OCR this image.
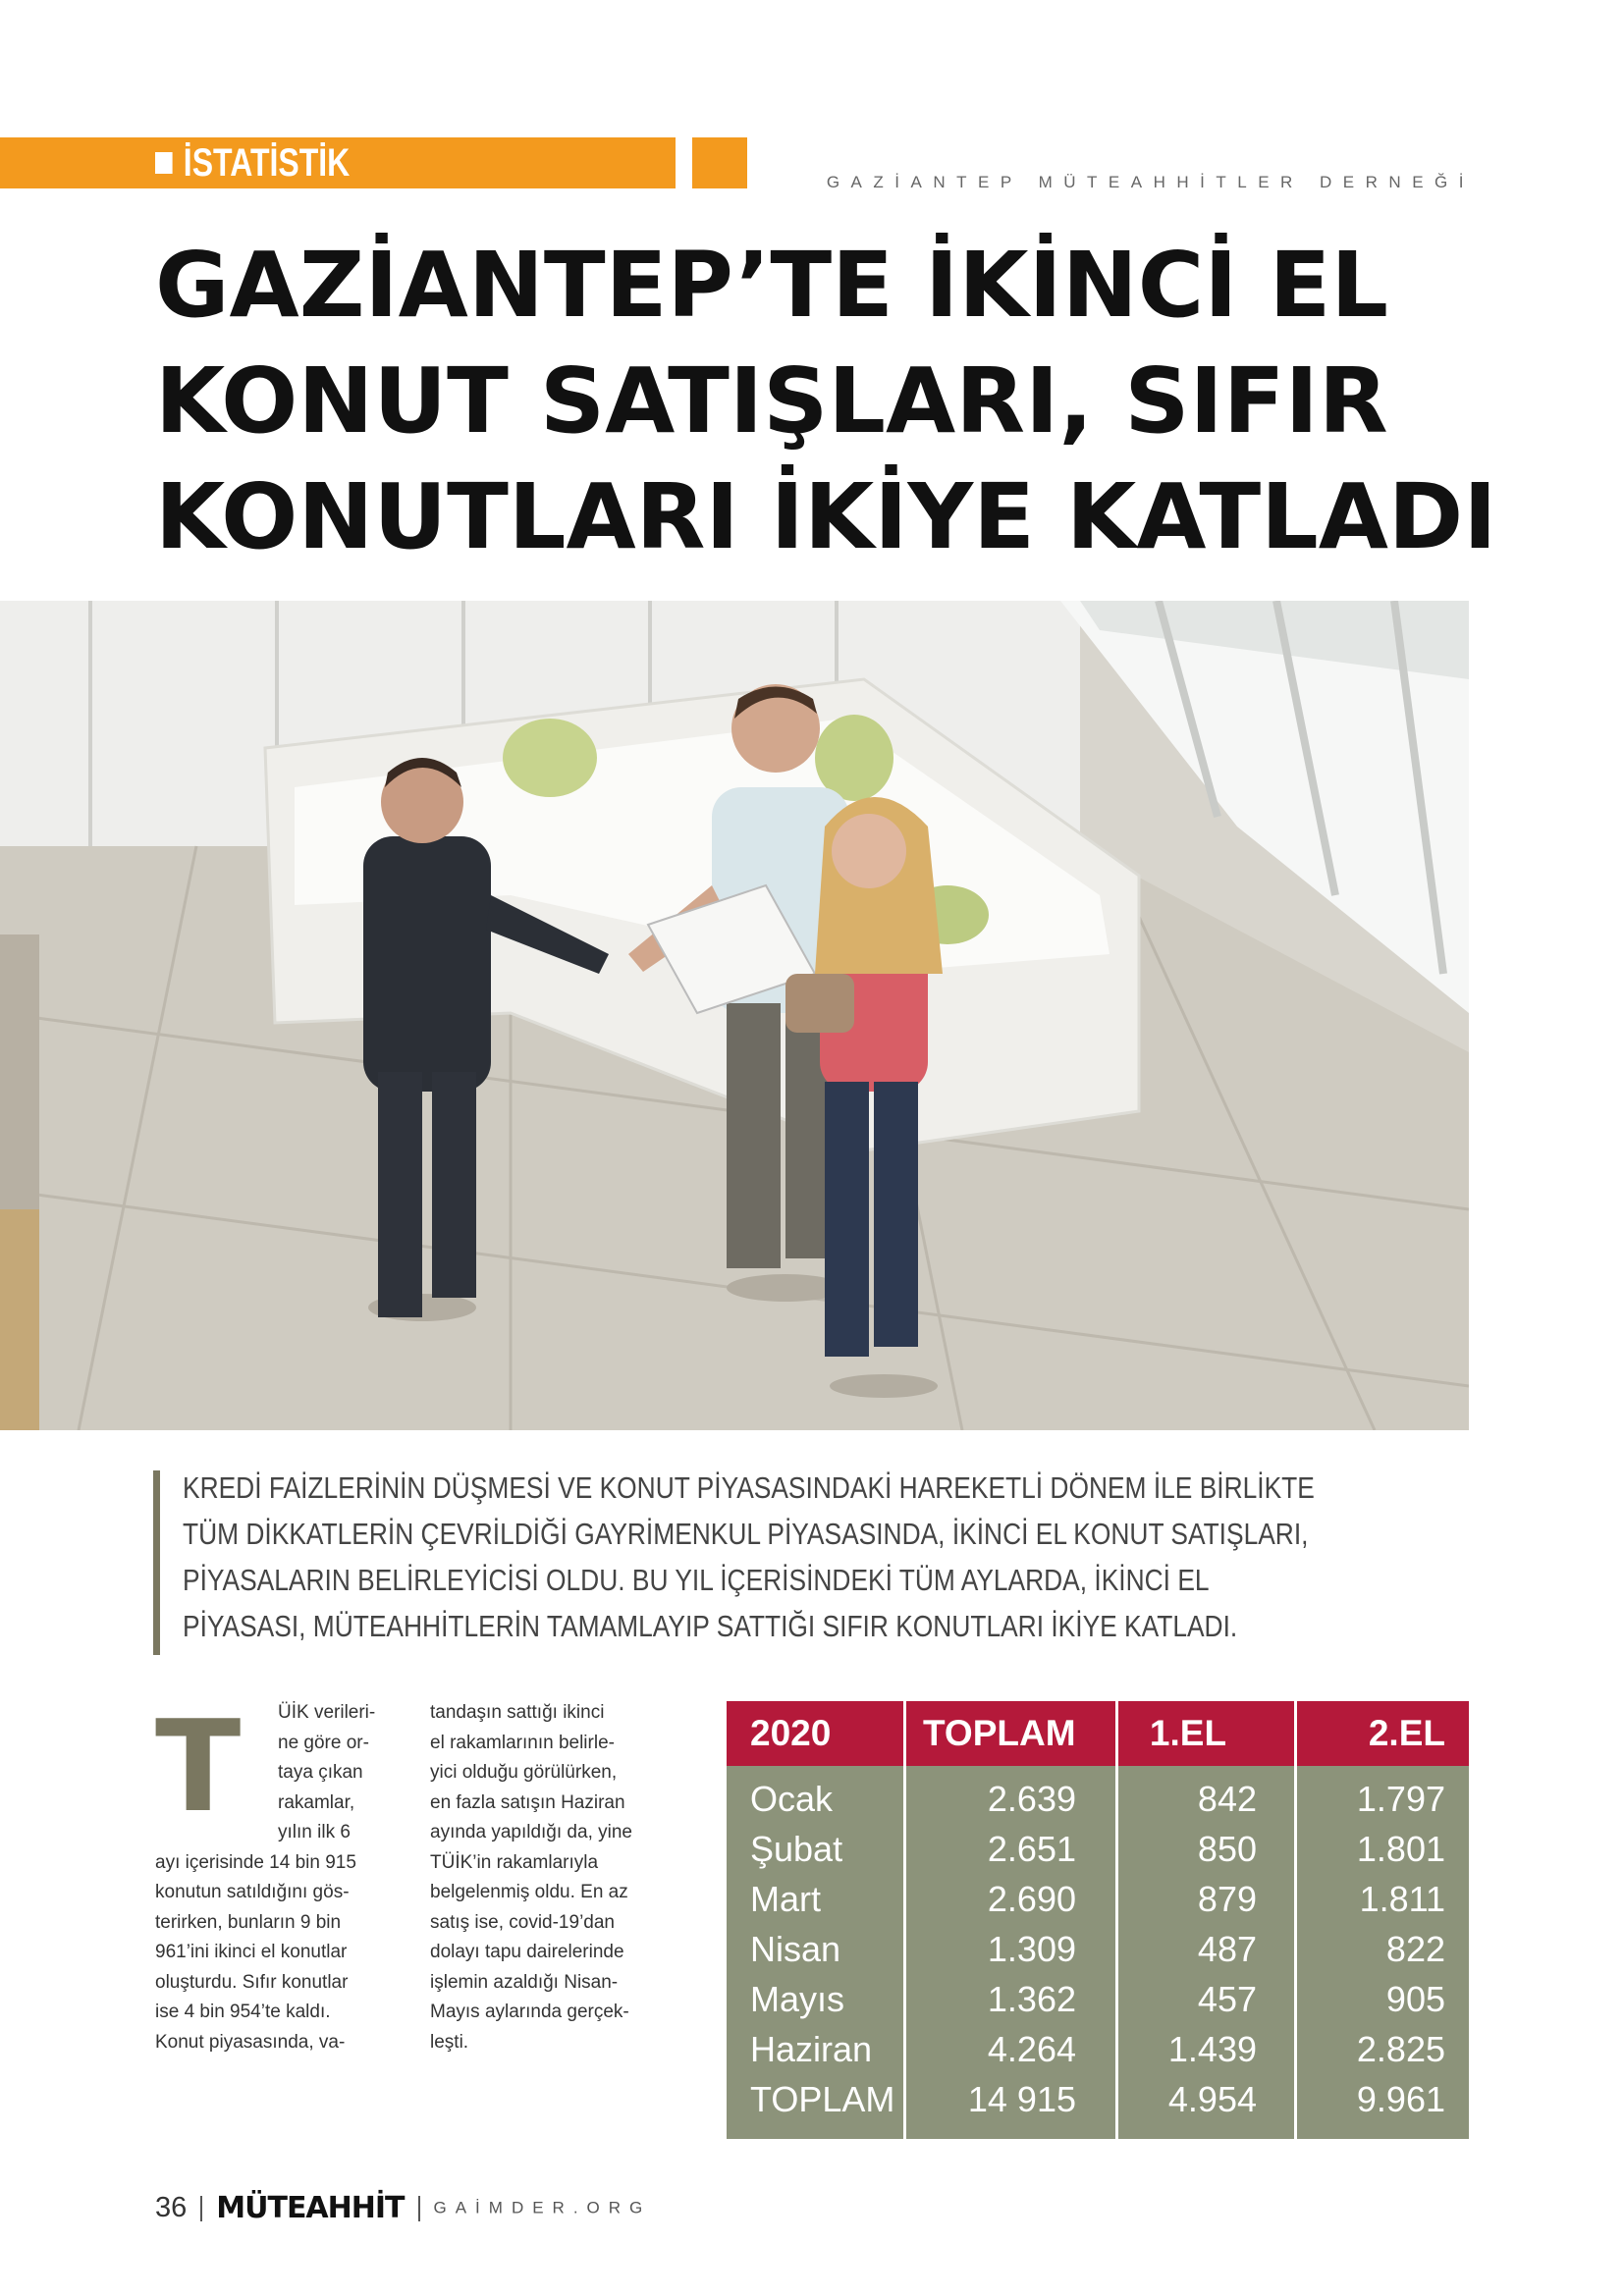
İSTATİSTİK	GAZİANTEP MÜTEAHHİTLER DERNEĞİ
GAZİANTEP’TE İKİNCİ EL
KONUT SATIŞLARI, SIFIR
KONUTLARI İKİYE KATLADI

KREDİ FAİZLERİNİN DÜŞMESİ VE KONUT PİYASASINDAKİ HAREKETLİ DÖNEM İLE BİRLİKTE
TÜM DİKKATLERİN ÇEVRİLDİĞİ GAYRİMENKUL PİYASASINDA, İKİNCİ EL KONUT SATIŞLARI,
PİYASALARIN BELİRLEYİCİSİ OLDU. BU YIL İÇERİSİNDEKİ TÜM AYLARDA, İKİNCİ EL
PİYASASI, MÜTEAHHİTLERİN TAMAMLAYIP SATTIĞI SIFIR KONUTLARI İKİYE KATLADI.

T	ÜİK verileri-
ne göre or-
taya çıkan
rakamlar,
yılın ilk 6
ayı içerisinde 14 bin 915
konutun satıldığını gös-
terirken, bunların 9 bin
961’ini ikinci el konutlar
oluşturdu. Sıfır konutlar
ise 4 bin 954’te kaldı.
Konut piyasasında, va-

tandaşın sattığı ikinci
el rakamlarının belirle-
yici olduğu görülürken,
en fazla satışın Haziran
ayında yapıldığı da, yine
TÜİK’in rakamlarıyla
belgelenmiş oldu. En az
satış ise, covid-19’dan
dolayı tapu dairelerinde
işlemin azaldığı Nisan-
Mayıs aylarında gerçek-
leşti.

2020	TOPLAM	1.EL	2.EL
Ocak	2.639	842	1.797
Şubat	2.651	850	1.801
Mart	2.690	879	1.811
Nisan	1.309	487	822
Mayıs	1.362	457	905
Haziran	4.264	1.439	2.825
TOPLAM	14 915	4.954	9.961
36 MÜTEAHHİT GAİMDER.ORG
